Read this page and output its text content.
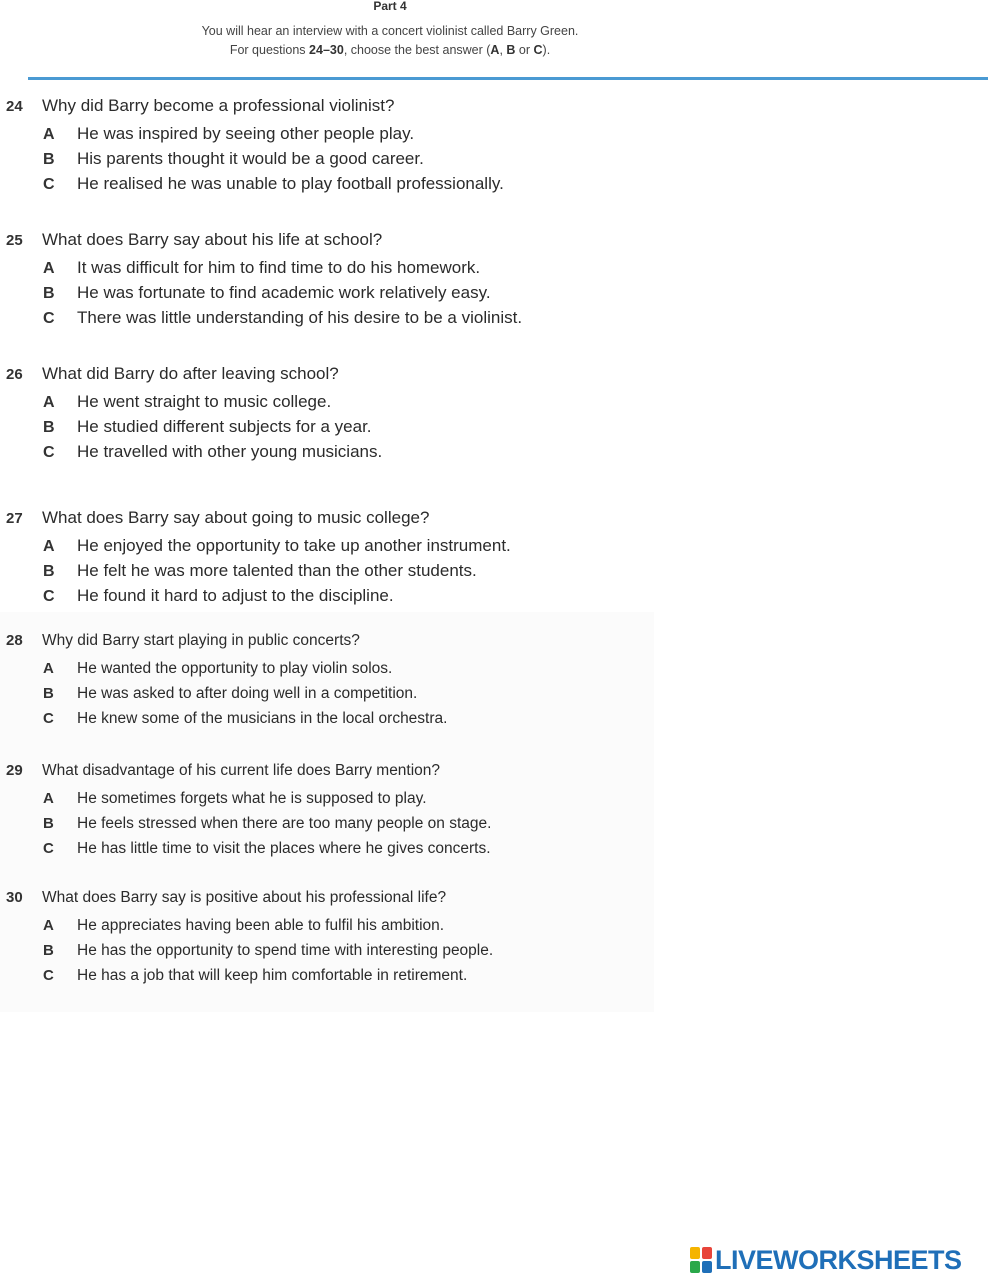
Part 4
You will hear an interview with a concert violinist called Barry Green.
For questions 24–30, choose the best answer (A, B or C).
24 Why did Barry become a professional violinist?
A He was inspired by seeing other people play.
B His parents thought it would be a good career.
C He realised he was unable to play football professionally.
25 What does Barry say about his life at school?
A It was difficult for him to find time to do his homework.
B He was fortunate to find academic work relatively easy.
C There was little understanding of his desire to be a violinist.
26 What did Barry do after leaving school?
A He went straight to music college.
B He studied different subjects for a year.
C He travelled with other young musicians.
27 What does Barry say about going to music college?
A He enjoyed the opportunity to take up another instrument.
B He felt he was more talented than the other students.
C He found it hard to adjust to the discipline.
28 Why did Barry start playing in public concerts?
A He wanted the opportunity to play violin solos.
B He was asked to after doing well in a competition.
C He knew some of the musicians in the local orchestra.
29 What disadvantage of his current life does Barry mention?
A He sometimes forgets what he is supposed to play.
B He feels stressed when there are too many people on stage.
C He has little time to visit the places where he gives concerts.
30 What does Barry say is positive about his professional life?
A He appreciates having been able to fulfil his ambition.
B He has the opportunity to spend time with interesting people.
C He has a job that will keep him comfortable in retirement.
LIVEWORKSHEETS
